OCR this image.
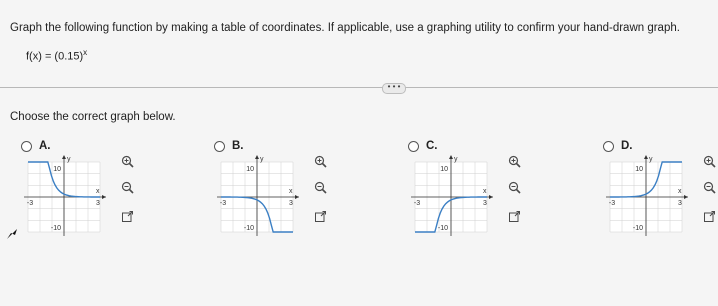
Graph the following function by making a table of coordinates. If applicable, use a graphing utility to confirm your hand-drawn graph.
$f(x) = (0.15)^x$
• • •
Choose the correct graph below.
A.
y
x
10
-10
-3	3
B.
y
x
10
-10
-3	3
C.
y
x
10
-10
-3	3
D.
y
x
10
-10
-3	3
